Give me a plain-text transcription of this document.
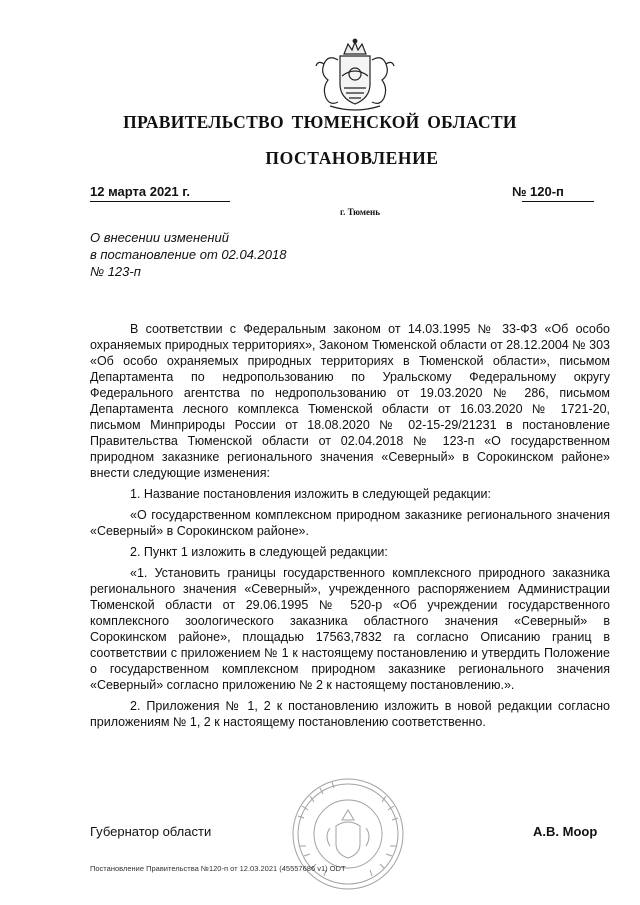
ПРАВИТЕЛЬСТВО ТЮМЕНСКОЙ ОБЛАСТИ
ПОСТАНОВЛЕНИЕ
12 марта 2021 г.	№ 120-п
г. Тюмень
О внесении изменений
в постановление от 02.04.2018
№ 123-п

В соответствии с Федеральным законом от 14.03.1995 № 33-ФЗ «Об особо охраняемых природных территориях», Законом Тюменской области от 28.12.2004 № 303 «Об особо охраняемых природных территориях в Тюменской области», письмом Департамента по недропользованию по Уральскому Федеральному округу Федерального агентства по недропользованию от 19.03.2020 № 286, письмом Департамента лесного комплекса Тюменской области от 16.03.2020 № 1721-20, письмом Минприроды России от 18.08.2020 № 02-15-29/21231 в постановление Правительства Тюменской области от 02.04.2018 № 123-п «О государственном природном заказнике регионального значения «Северный» в Сорокинском районе» внести следующие изменения:

1. Название постановления изложить в следующей редакции:

«О государственном комплексном природном заказнике регионального значения «Северный» в Сорокинском районе».

2. Пункт 1 изложить в следующей редакции:

«1. Установить границы государственного комплексного природного заказника регионального значения «Северный», учрежденного распоряжением Администрации Тюменской области от 29.06.1995 № 520-р «Об учреждении государственного комплексного зоологического заказника областного значения «Северный» в Сорокинском районе», площадью 17563,7832 га согласно Описанию границ в соответствии с приложением № 1 к настоящему постановлению и утвердить Положение о государственном комплексном природном заказнике регионального значения «Северный» согласно приложению № 2 к настоящему постановлению.».

2. Приложения № 1, 2 к постановлению изложить в новой редакции согласно приложениям № 1, 2 к настоящему постановлению соответственно.

Губернатор области	А.В. Моор
Постановление Правительства №120-п от 12.03.2021 (45557686 v1) ODT
